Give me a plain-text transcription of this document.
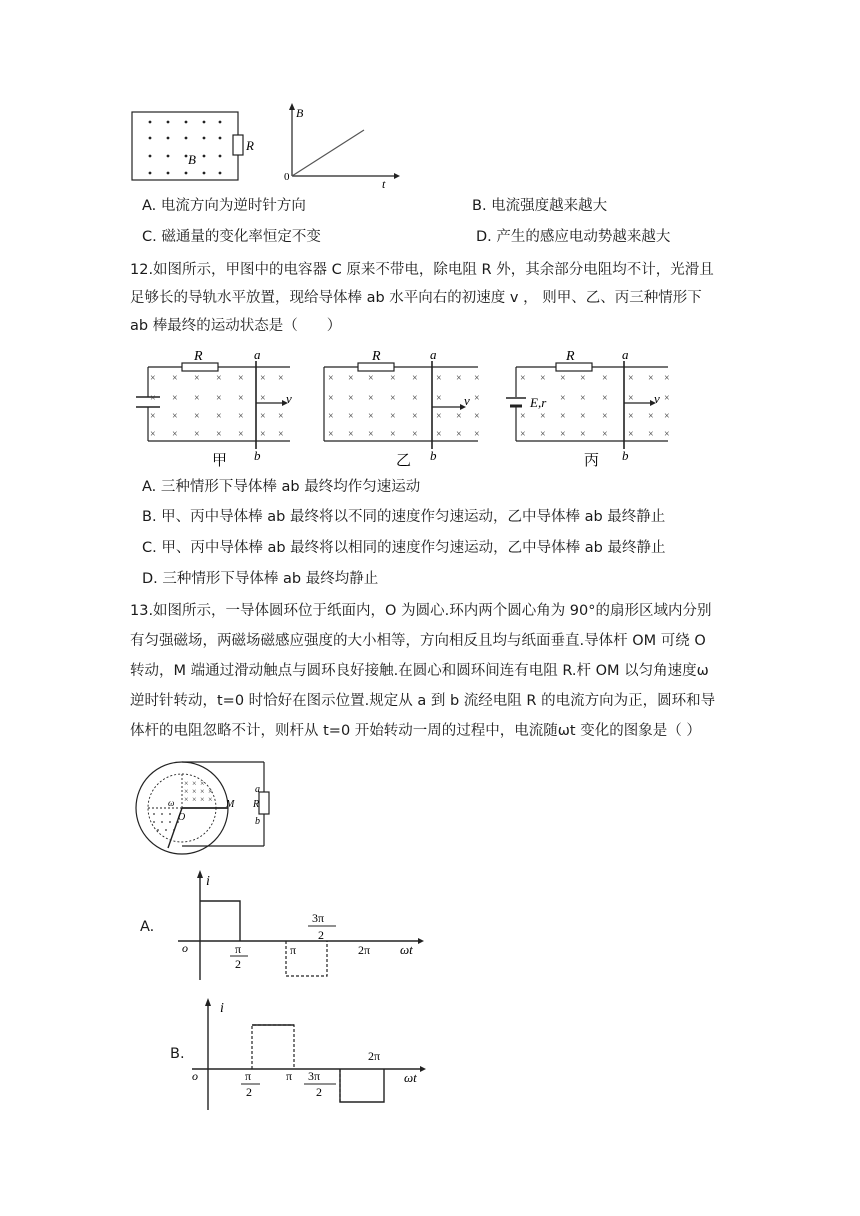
R
B
B
t
0
A. 电流方向为逆时针方向	B. 电流强度越来越大
C. 磁通量的变化率恒定不变	D. 产生的感应电动势越来越大
12.如图所示，甲图中的电容器 C 原来不带电，除电阻 R 外，其余部分电阻均不计，光滑且
足够长的导轨水平放置，现给导体棒 ab 水平向右的初速度 v ， 则甲、乙、丙三种情形下
ab 棒最终的运动状态是（　　）
R	a
b
v
× × × × × × ×
× × × × × ×
× × × × × × ×
× × × × × × ×
甲
R	a
b
v
× × × × × × × ×
× × × × × ×	×
× × × × × × × ×
× × × × × × × ×
乙
E,r
R	a
b
v
× × × × × × × ×
× × × ×	×
× × × × × × × ×
× × × × × × × ×
丙
A. 三种情形下导体棒 ab 最终均作匀速运动
B. 甲、丙中导体棒 ab 最终将以不同的速度作匀速运动，乙中导体棒 ab 最终静止
C. 甲、丙中导体棒 ab 最终将以相同的速度作匀速运动，乙中导体棒 ab 最终静止
D. 三种情形下导体棒 ab 最终均静止
13.如图所示，一导体圆环位于纸面内，O 为圆心.环内两个圆心角为 90°的扇形区域内分别
有匀强磁场，两磁场磁感应强度的大小相等，方向相反且均与纸面垂直.导体杆 OM 可绕 O
转动，M 端通过滑动触点与圆环良好接触.在圆心和圆环间连有电阻 R.杆 OM 以匀角速度ω
逆时针转动，t=0 时恰好在图示位置.规定从 a 到 b 流经电阻 R 的电流方向为正，圆环和导
体杆的电阻忽略不计，则杆从 t=0 开始转动一周的过程中，电流随ωt 变化的图象是（ ）
× × ×
× × × ×
× × × × M
O
ω
a
R
b
A.
i
ωt
o	π
2
π
3π
2
2π
B.
i
ωt
o	π
2
π 3π
2
2π
